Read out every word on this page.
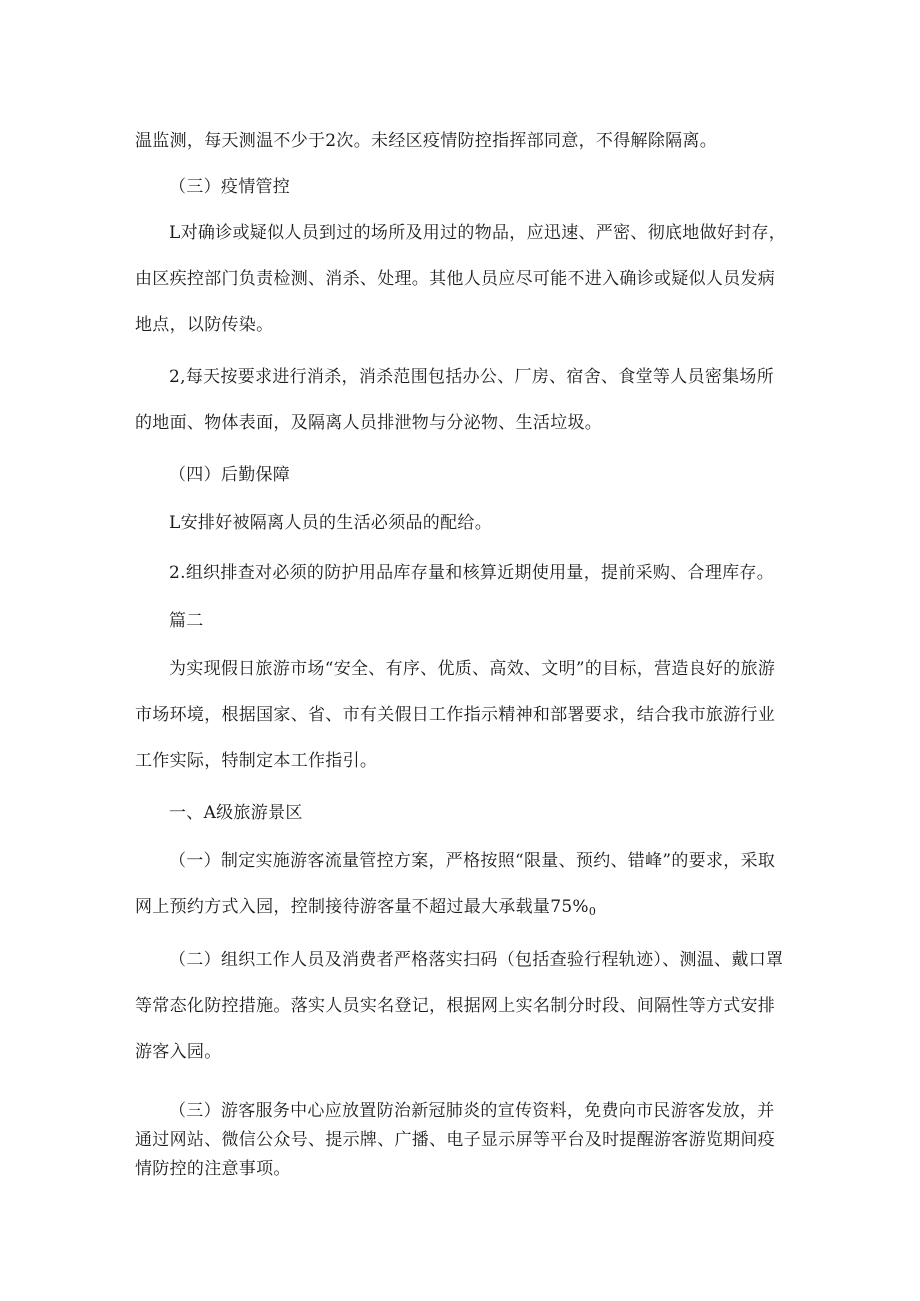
温监测，每天测温不少于2次。未经区疫情防控指挥部同意，不得解除隔离。

（三）疫情管控

L对确诊或疑似人员到过的场所及用过的物品，应迅速、严密、彻底地做好封存，由区疾控部门负责检测、消杀、处理。其他人员应尽可能不进入确诊或疑似人员发病地点，以防传染。

2,每天按要求进行消杀，消杀范围包括办公、厂房、宿舍、食堂等人员密集场所的地面、物体表面，及隔离人员排泄物与分泌物、生活垃圾。

（四）后勤保障

L安排好被隔离人员的生活必须品的配给。

2.组织排查对必须的防护用品库存量和核算近期使用量，提前采购、合理库存。

篇二

为实现假日旅游市场“安全、有序、优质、高效、文明”的目标，营造良好的旅游市场环境，根据国家、省、市有关假日工作指示精神和部署要求，结合我市旅游行业工作实际，特制定本工作指引。

一、A级旅游景区

（一）制定实施游客流量管控方案，严格按照“限量、预约、错峰”的要求，采取网上预约方式入园，控制接待游客量不超过最大承载量75%0

（二）组织工作人员及消费者严格落实扫码（包括查验行程轨迹）、测温、戴口罩等常态化防控措施。落实人员实名登记，根据网上实名制分时段、间隔性等方式安排游客入园。

（三）游客服务中心应放置防治新冠肺炎的宣传资料，免费向市民游客发放，并通过网站、微信公众号、提示牌、广播、电子显示屏等平台及时提醒游客游览期间疫情防控的注意事项。
